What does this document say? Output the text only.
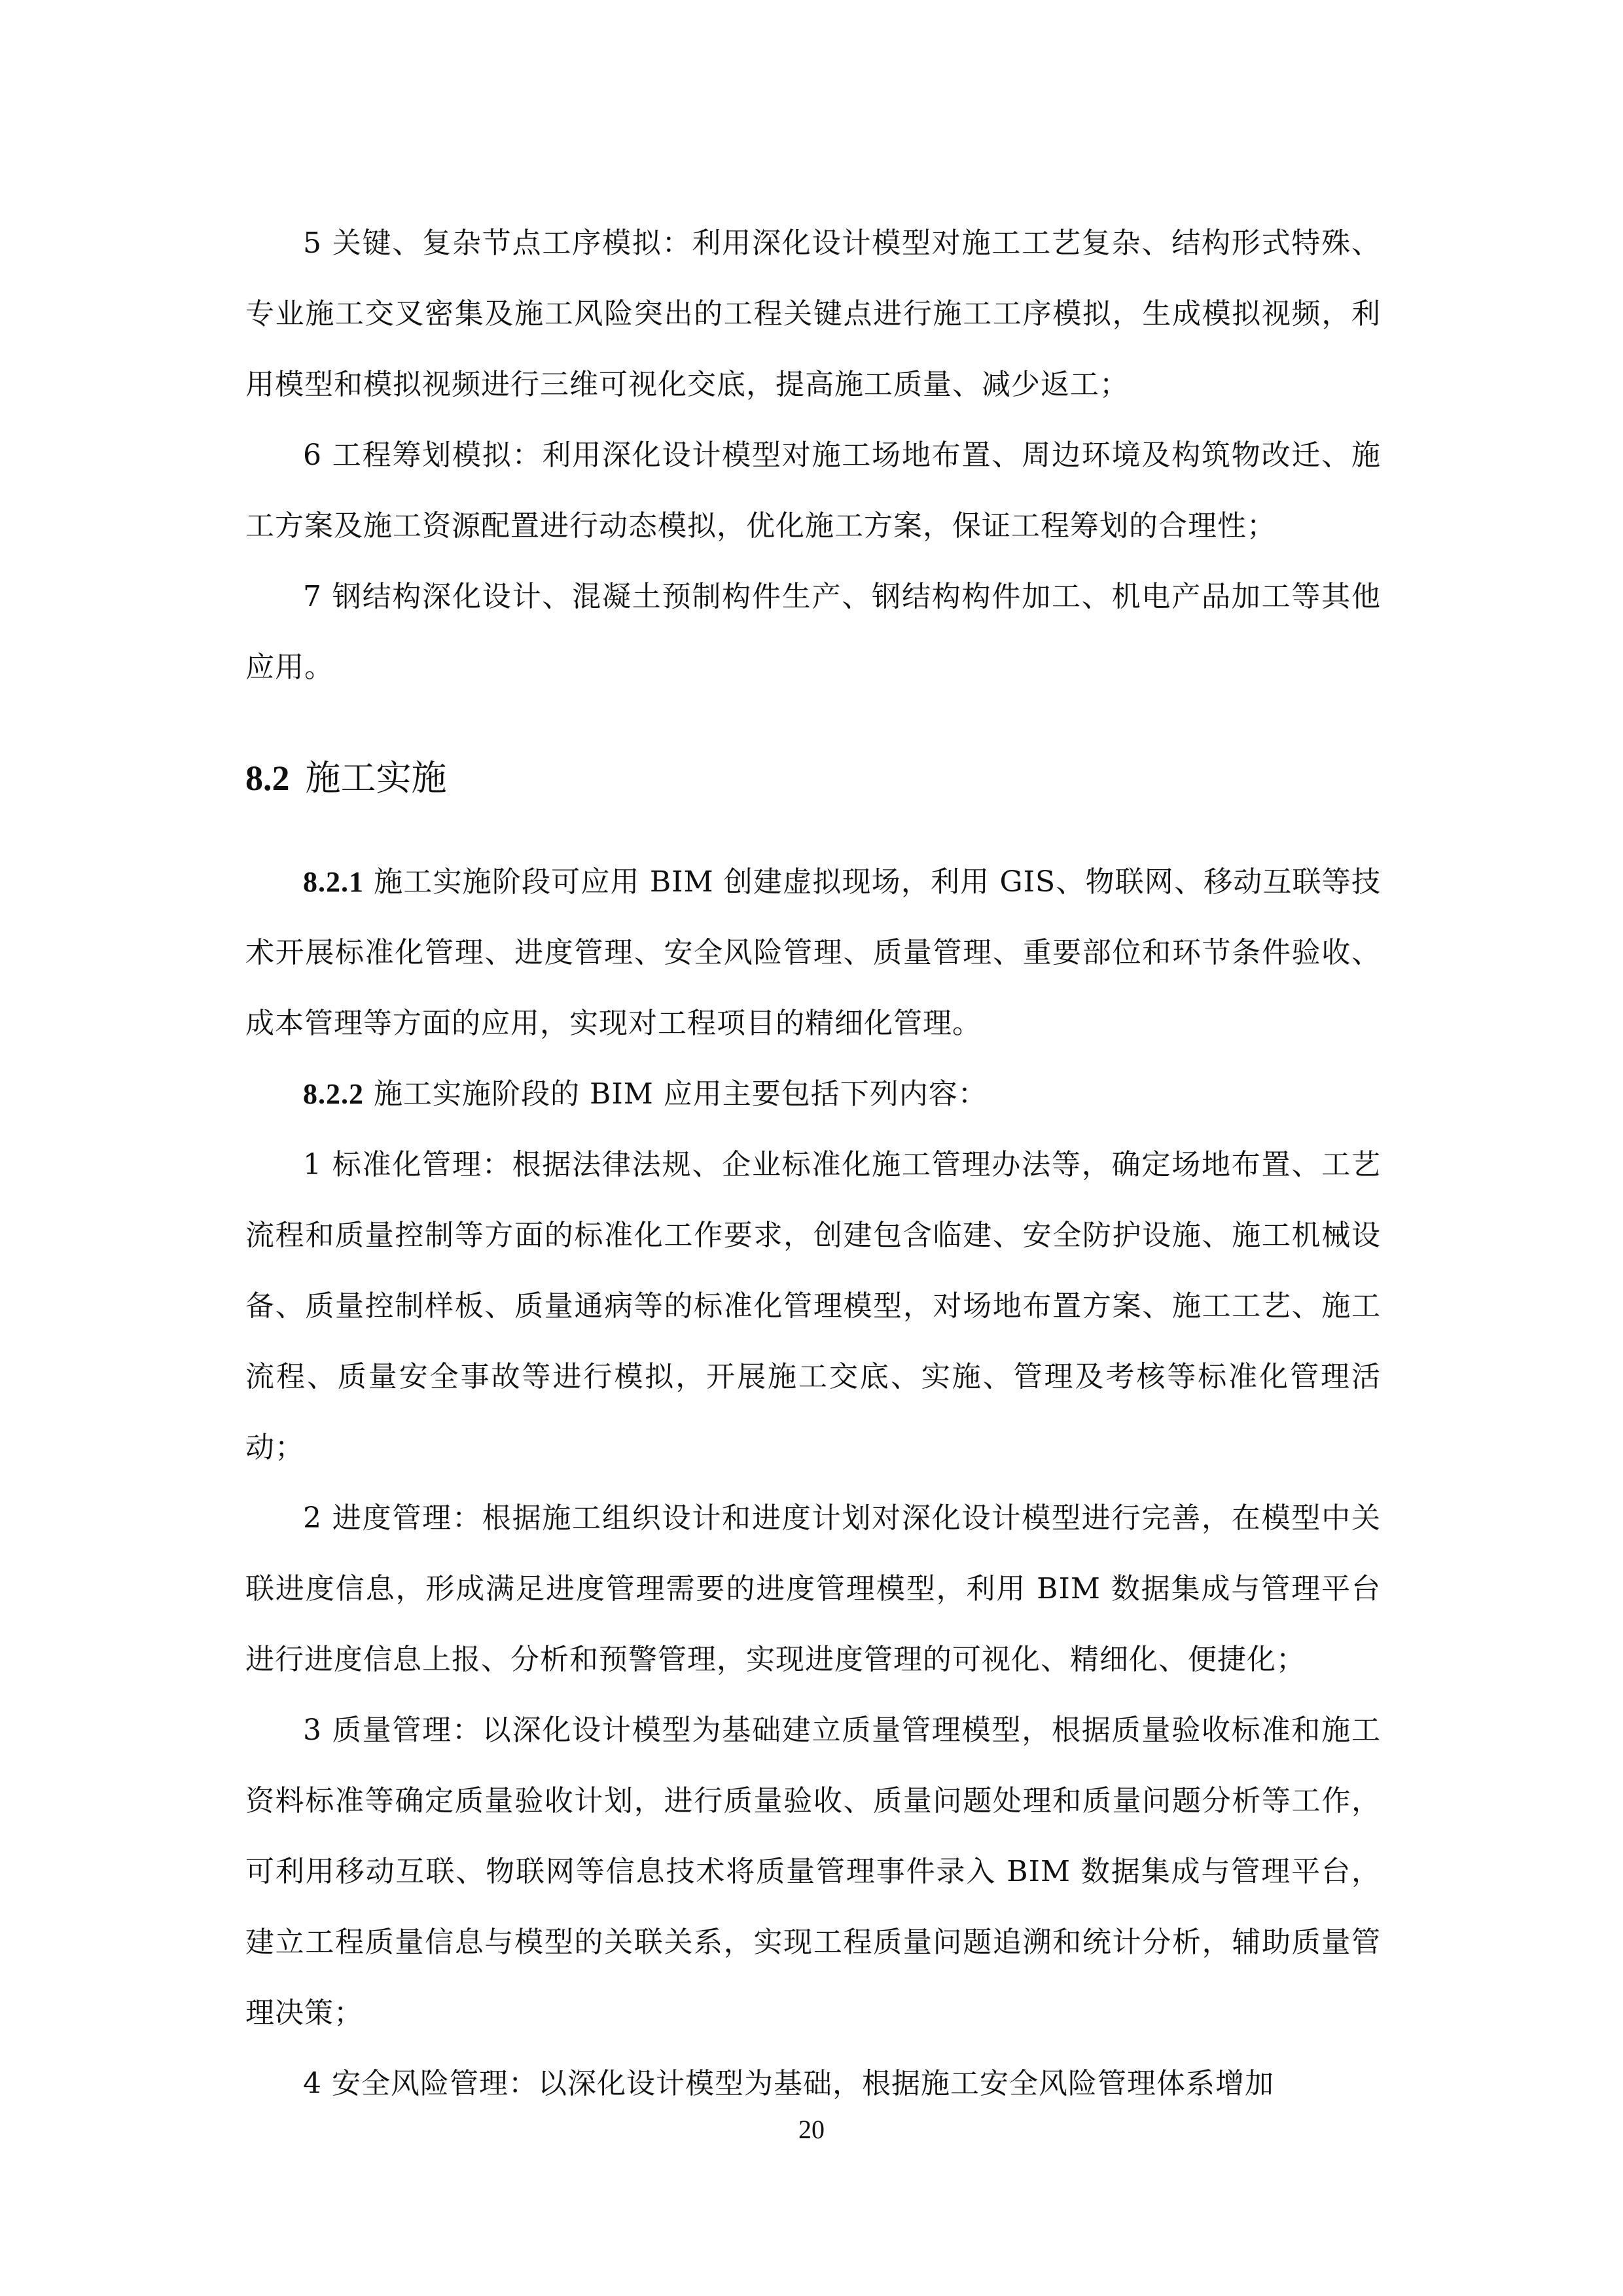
5 关键、复杂节点工序模拟：利用深化设计模型对施工工艺复杂、结构形式特殊、专业施工交叉密集及施工风险突出的工程关键点进行施工工序模拟，生成模拟视频，利用模型和模拟视频进行三维可视化交底，提高施工质量、减少返工；

6 工程筹划模拟：利用深化设计模型对施工场地布置、周边环境及构筑物改迁、施工方案及施工资源配置进行动态模拟，优化施工方案，保证工程筹划的合理性；

7 钢结构深化设计、混凝土预制构件生产、钢结构构件加工、机电产品加工等其他应用。

8.2 施工实施

8.2.1 施工实施阶段可应用 BIM 创建虚拟现场，利用 GIS、物联网、移动互联等技术开展标准化管理、进度管理、安全风险管理、质量管理、重要部位和环节条件验收、成本管理等方面的应用，实现对工程项目的精细化管理。

8.2.2 施工实施阶段的 BIM 应用主要包括下列内容：

1 标准化管理：根据法律法规、企业标准化施工管理办法等，确定场地布置、工艺流程和质量控制等方面的标准化工作要求，创建包含临建、安全防护设施、施工机械设备、质量控制样板、质量通病等的标准化管理模型，对场地布置方案、施工工艺、施工流程、质量安全事故等进行模拟，开展施工交底、实施、管理及考核等标准化管理活动；

2 进度管理：根据施工组织设计和进度计划对深化设计模型进行完善，在模型中关联进度信息，形成满足进度管理需要的进度管理模型，利用 BIM 数据集成与管理平台进行进度信息上报、分析和预警管理，实现进度管理的可视化、精细化、便捷化；

3 质量管理：以深化设计模型为基础建立质量管理模型，根据质量验收标准和施工资料标准等确定质量验收计划，进行质量验收、质量问题处理和质量问题分析等工作，可利用移动互联、物联网等信息技术将质量管理事件录入 BIM 数据集成与管理平台，建立工程质量信息与模型的关联关系，实现工程质量问题追溯和统计分析，辅助质量管理决策；

4 安全风险管理：以深化设计模型为基础，根据施工安全风险管理体系增加

20
